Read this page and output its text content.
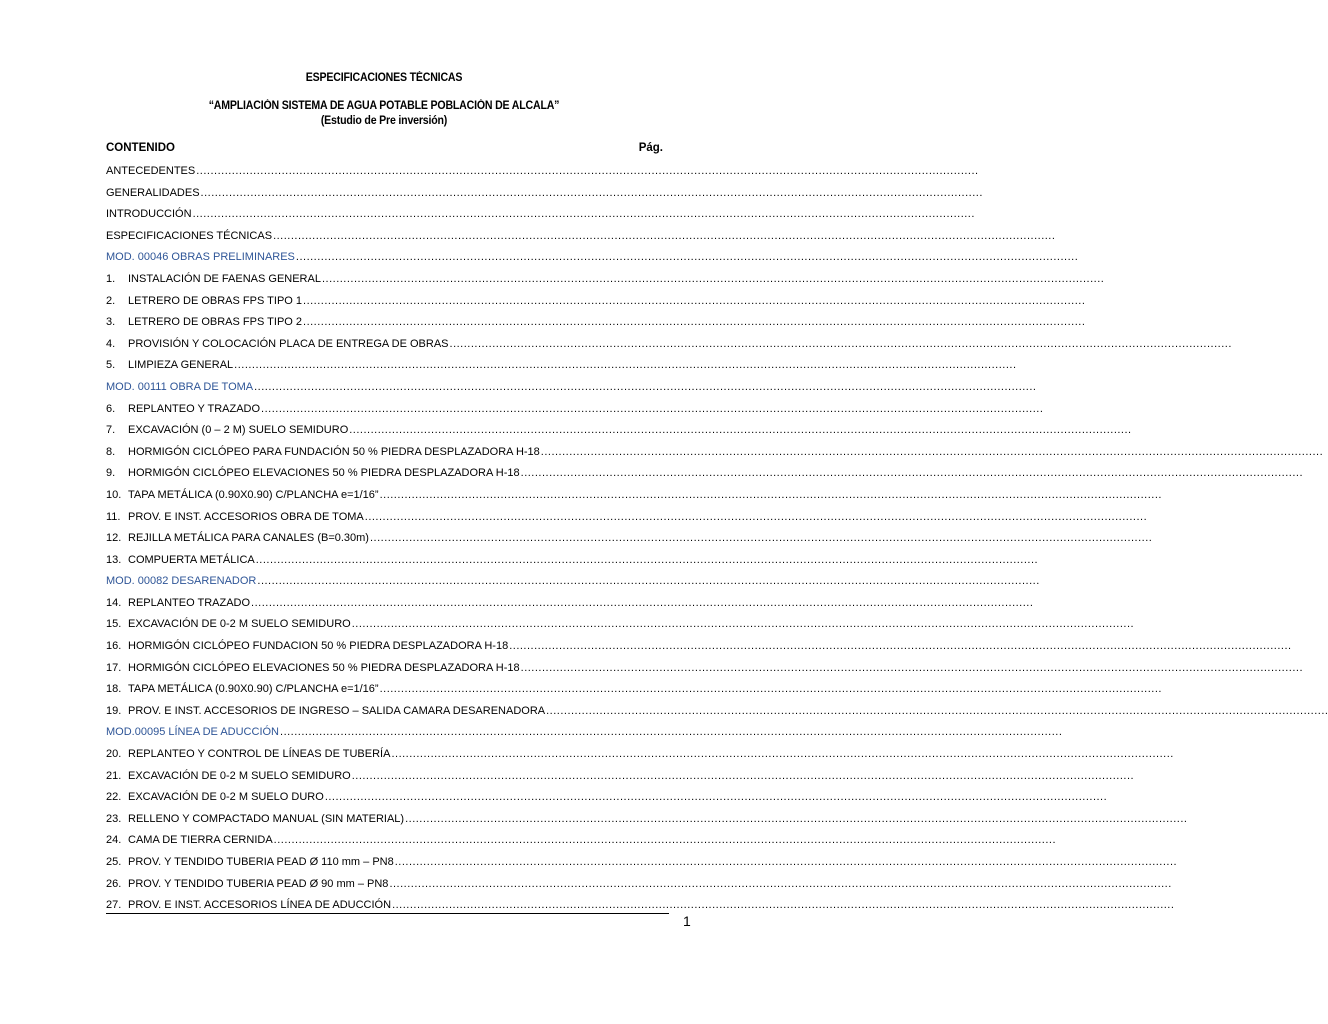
ESPECIFICACIONES TÉCNICAS
“AMPLIACIÓN SISTEMA DE AGUA POTABLE POBLACIÓN DE ALCALA”
(Estudio de Pre inversión)
CONTENIDO	Pág.
ANTECEDENTES ............................................................................................................................................................................................................................
GENERALIDADES ............................................................................................................................................................................................................................
INTRODUCCIÓN ............................................................................................................................................................................................................................
ESPECIFICACIONES TÉCNICAS ............................................................................................................................................................................................................................
MOD. 00046 OBRAS PRELIMINARES ............................................................................................................................................................................................................................
1.	INSTALACIÓN DE FAENAS GENERAL ............................................................................................................................................................................................................................
2.	LETRERO DE OBRAS FPS TIPO 1 ............................................................................................................................................................................................................................
3.	LETRERO DE OBRAS FPS TIPO 2 ............................................................................................................................................................................................................................
4.	PROVISIÓN Y COLOCACIÓN PLACA DE ENTREGA DE OBRAS ............................................................................................................................................................................................................................
5.	LIMPIEZA GENERAL ............................................................................................................................................................................................................................
MOD. 00111 OBRA DE TOMA ............................................................................................................................................................................................................................
6.	REPLANTEO Y TRAZADO ............................................................................................................................................................................................................................
7.	EXCAVACIÓN (0 – 2 M) SUELO SEMIDURO ............................................................................................................................................................................................................................
8.	HORMIGÓN CICLÓPEO PARA FUNDACIÓN 50 % PIEDRA DESPLAZADORA H-18 ............................................................................................................................................................................................................................
9.	HORMIGÓN CICLÓPEO ELEVACIONES 50 % PIEDRA DESPLAZADORA H-18 ............................................................................................................................................................................................................................
10. TAPA METÁLICA (0.90X0.90) C/PLANCHA e=1/16” ............................................................................................................................................................................................................................
11. PROV. E INST. ACCESORIOS OBRA DE TOMA ............................................................................................................................................................................................................................
12. REJILLA METÁLICA PARA CANALES (B=0.30m) ............................................................................................................................................................................................................................
13. COMPUERTA METÁLICA ............................................................................................................................................................................................................................
MOD. 00082 DESARENADOR ............................................................................................................................................................................................................................
14. REPLANTEO TRAZADO ............................................................................................................................................................................................................................
15. EXCAVACIÓN DE 0-2 M SUELO SEMIDURO ............................................................................................................................................................................................................................
16. HORMIGÓN CICLÓPEO FUNDACION 50 % PIEDRA DESPLAZADORA H-18 ............................................................................................................................................................................................................................
17. HORMIGÓN CICLÓPEO ELEVACIONES 50 % PIEDRA DESPLAZADORA H-18 ............................................................................................................................................................................................................................
18. TAPA METÁLICA (0.90X0.90) C/PLANCHA e=1/16” ............................................................................................................................................................................................................................
19. PROV. E INST. ACCESORIOS DE INGRESO – SALIDA CAMARA DESARENADORA ............................................................................................................................................................................................................................
MOD.00095 LÍNEA DE ADUCCIÓN ............................................................................................................................................................................................................................
20. REPLANTEO Y CONTROL DE LÍNEAS DE TUBERÍA ............................................................................................................................................................................................................................
21. EXCAVACIÓN DE 0-2 M SUELO SEMIDURO ............................................................................................................................................................................................................................
22. EXCAVACIÓN DE 0-2 M SUELO DURO ............................................................................................................................................................................................................................
23. RELLENO Y COMPACTADO MANUAL (SIN MATERIAL) ............................................................................................................................................................................................................................
24. CAMA DE TIERRA CERNIDA ............................................................................................................................................................................................................................
25. PROV. Y TENDIDO TUBERIA PEAD Ø 110 mm – PN8 ............................................................................................................................................................................................................................
26. PROV. Y TENDIDO TUBERIA PEAD Ø 90 mm – PN8 ............................................................................................................................................................................................................................
27. PROV. E INST. ACCESORIOS LÍNEA DE ADUCCIÓN ............................................................................................................................................................................................................................
1
